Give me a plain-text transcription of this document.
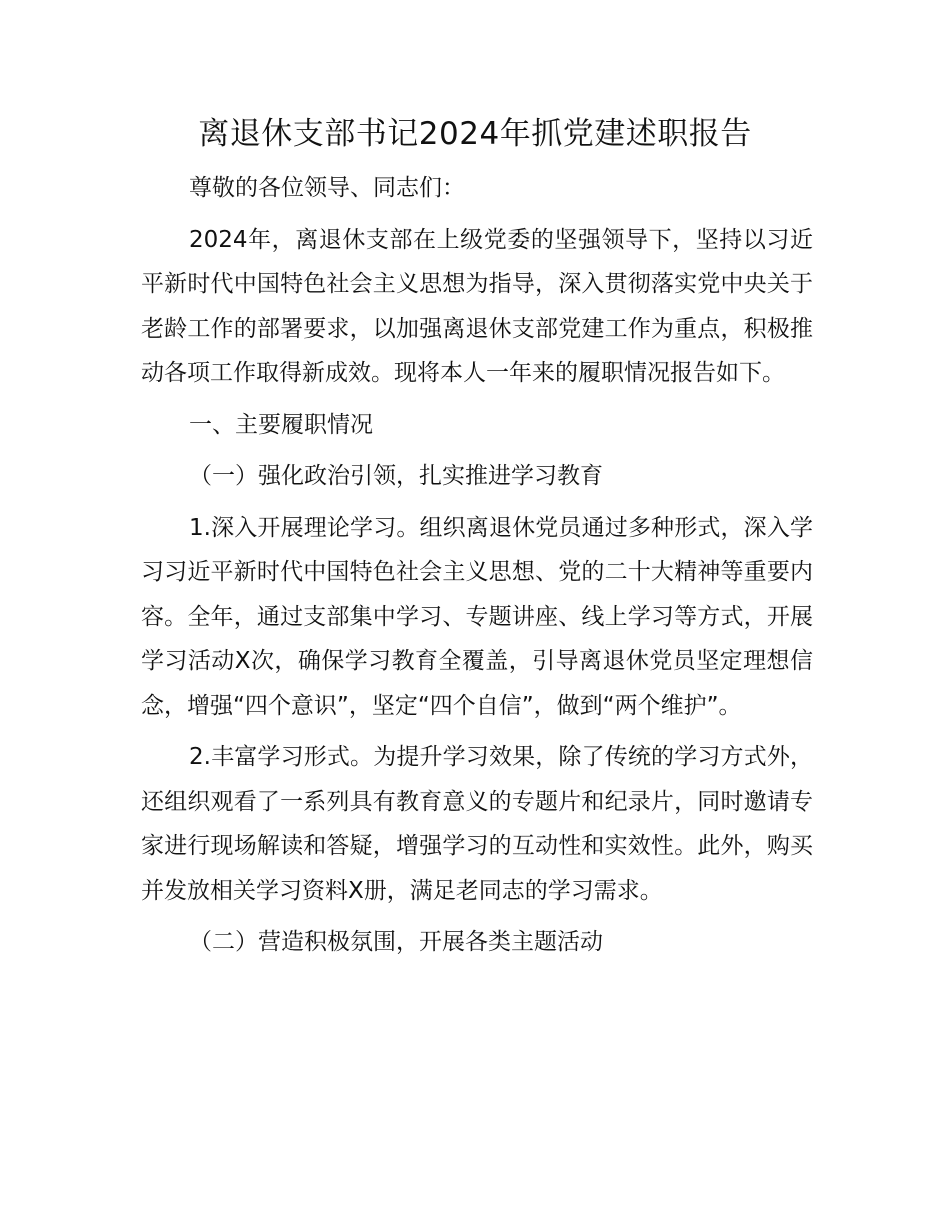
离退休支部书记2024年抓党建述职报告

尊敬的各位领导、同志们：

2024年，离退休支部在上级党委的坚强领导下，坚持以习近平新时代中国特色社会主义思想为指导，深入贯彻落实党中央关于老龄工作的部署要求，以加强离退休支部党建工作为重点，积极推动各项工作取得新成效。现将本人一年来的履职情况报告如下。

一、主要履职情况

（一）强化政治引领，扎实推进学习教育

1.深入开展理论学习。组织离退休党员通过多种形式，深入学习习近平新时代中国特色社会主义思想、党的二十大精神等重要内容。全年，通过支部集中学习、专题讲座、线上学习等方式，开展学习活动X次，确保学习教育全覆盖，引导离退休党员坚定理想信念，增强“四个意识”，坚定“四个自信”，做到“两个维护”。

2.丰富学习形式。为提升学习效果，除了传统的学习方式外，还组织观看了一系列具有教育意义的专题片和纪录片，同时邀请专家进行现场解读和答疑，增强学习的互动性和实效性。此外，购买并发放相关学习资料X册，满足老同志的学习需求。

（二）营造积极氛围，开展各类主题活动
